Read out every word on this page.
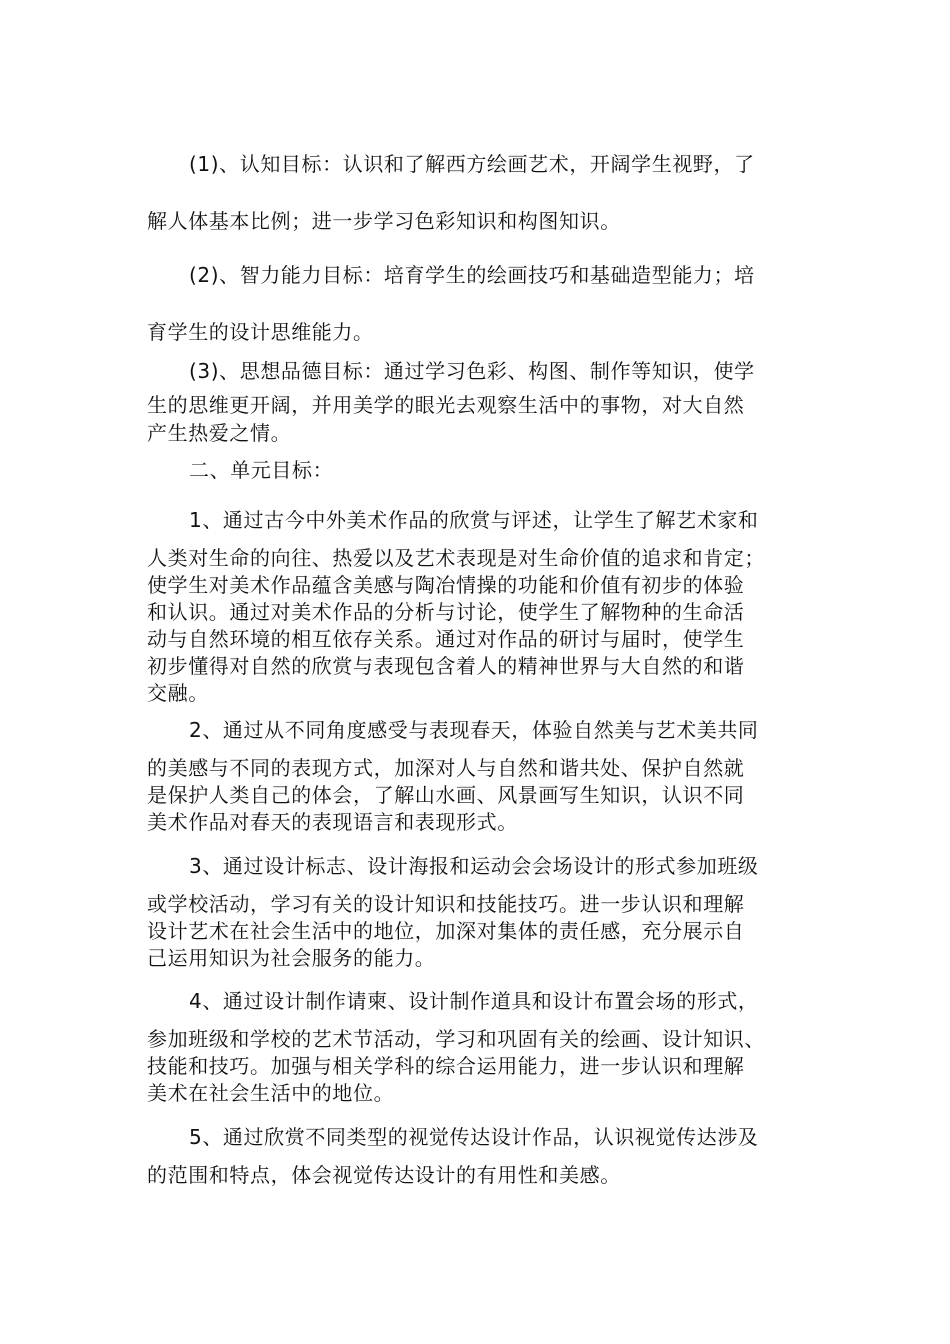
(1)、认知目标：认识和了解西方绘画艺术，开阔学生视野，了
解人体基本比例；进一步学习色彩知识和构图知识。
(2)、智力能力目标：培育学生的绘画技巧和基础造型能力；培
育学生的设计思维能力。
(3)、思想品德目标：通过学习色彩、构图、制作等知识，使学
生的思维更开阔，并用美学的眼光去观察生活中的事物，对大自然
产生热爱之情。
二、单元目标：
1、通过古今中外美术作品的欣赏与评述，让学生了解艺术家和
人类对生命的向往、热爱以及艺术表现是对生命价值的追求和肯定；
使学生对美术作品蕴含美感与陶冶情操的功能和价值有初步的体验
和认识。通过对美术作品的分析与讨论，使学生了解物种的生命活
动与自然环境的相互依存关系。通过对作品的研讨与届时，使学生
初步懂得对自然的欣赏与表现包含着人的精神世界与大自然的和谐
交融。
2、通过从不同角度感受与表现春天，体验自然美与艺术美共同
的美感与不同的表现方式，加深对人与自然和谐共处、保护自然就
是保护人类自己的体会，了解山水画、风景画写生知识，认识不同
美术作品对春天的表现语言和表现形式。
3、通过设计标志、设计海报和运动会会场设计的形式参加班级
或学校活动，学习有关的设计知识和技能技巧。进一步认识和理解
设计艺术在社会生活中的地位，加深对集体的责任感，充分展示自
己运用知识为社会服务的能力。
4、通过设计制作请柬、设计制作道具和设计布置会场的形式，
参加班级和学校的艺术节活动，学习和巩固有关的绘画、设计知识、
技能和技巧。加强与相关学科的综合运用能力，进一步认识和理解
美术在社会生活中的地位。
5、通过欣赏不同类型的视觉传达设计作品，认识视觉传达涉及
的范围和特点，体会视觉传达设计的有用性和美感。
